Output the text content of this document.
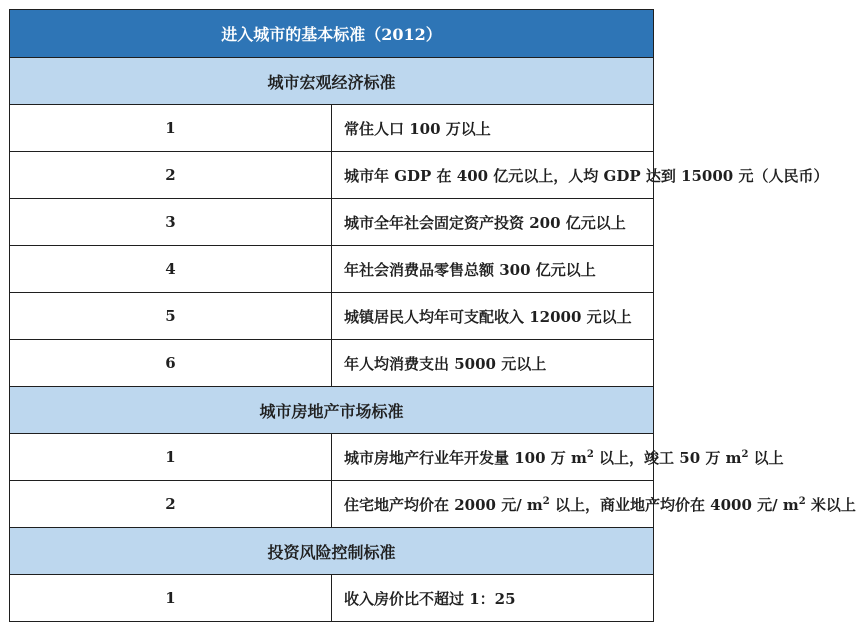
进入城市的基本标准（2012）	
城市宏观经济标准	
1	常住人口 100 万以上
2	城市年 GDP 在 400 亿元以上，人均 GDP 达到 15000 元（人民币）
3	城市全年社会固定资产投资 200 亿元以上
4	年社会消费品零售总额 300 亿元以上
5	城镇居民人均年可支配收入 12000 元以上
6	年人均消费支出 5000 元以上
城市房地产市场标准	
1	城市房地产行业年开发量 100 万 $m^2$ 以上，竣工 50 万 $m^2$ 以上
2	住宅地产均价在 2000 元/ $m^2$ 以上，商业地产均价在 4000 元/ $m^2$ 米以上
投资风险控制标准	
1	收入房价比不超过 1：25
